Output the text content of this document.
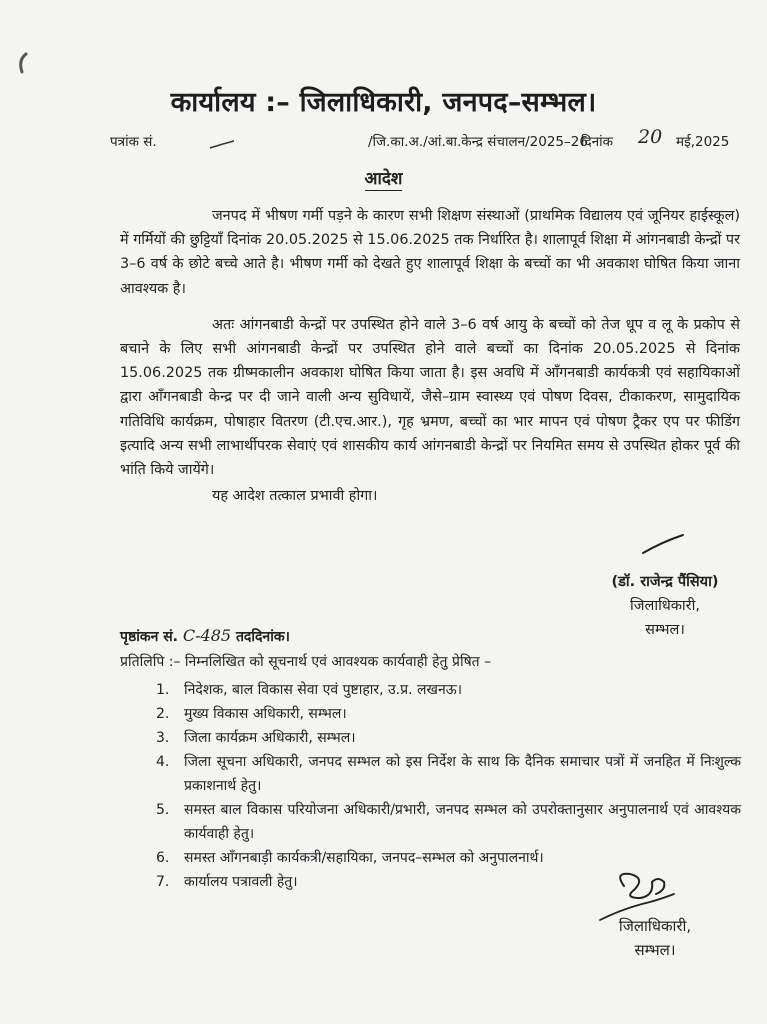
कार्यालय :– जिलाधिकारी, जनपद–सम्भल।
पत्रांक सं.	/जि.का.अ./आं.बा.केन्द्र संचालन/2025–26
दिनांक 20 मई,2025
आदेश

जनपद में भीषण गर्मी पड़ने के कारण सभी शिक्षण संस्थाओं (प्राथमिक विद्यालय एवं जूनियर हाईस्कूल) में गर्मियों की छुट्टियाँ दिनांक 20.05.2025 से 15.06.2025 तक निर्धारित है। शालापूर्व शिक्षा में आंगनबाडी केन्द्रों पर 3–6 वर्ष के छोटे बच्चे आते है। भीषण गर्मी को देखते हुए शालापूर्व शिक्षा के बच्चों का भी अवकाश घोषित किया जाना आवश्यक है।

अतः आंगनबाडी केन्द्रों पर उपस्थित होने वाले 3–6 वर्ष आयु के बच्चों को तेज धूप व लू के प्रकोप से बचाने के लिए सभी आंगनबाडी केन्द्रों पर उपस्थित होने वाले बच्चों का दिनांक 20.05.2025 से दिनांक 15.06.2025 तक ग्रीष्मकालीन अवकाश घोषित किया जाता है। इस अवधि में आँगनबाडी कार्यकत्री एवं सहायिकाओं द्वारा आँगनबाडी केन्द्र पर दी जाने वाली अन्य सुविधायें, जैसे–ग्राम स्वास्थ्य एवं पोषण दिवस, टीकाकरण, सामुदायिक गतिविधि कार्यक्रम, पोषाहार वितरण (टी.एच.आर.), गृह भ्रमण, बच्चों का भार मापन एवं पोषण ट्रैकर एप पर फीडिंग इत्यादि अन्य सभी लाभार्थीपरक सेवाएं एवं शासकीय कार्य आंगनबाडी केन्द्रों पर नियमित समय से उपस्थित होकर पूर्व की भांति किये जायेंगे।

यह आदेश तत्काल प्रभावी होगा।

(डॉ. राजेन्द्र पैंसिया)
जिलाधिकारी,
सम्भल।
पृष्ठांकन सं. C-485 तददिनांक।
प्रतिलिपि :– निम्नलिखित को सूचनार्थ एवं आवश्यक कार्यवाही हेतु प्रेषित –
1.	निदेशक, बाल विकास सेवा एवं पुष्टाहार, उ.प्र. लखनऊ।
2.	मुख्य विकास अधिकारी, सम्भल।
3.	जिला कार्यक्रम अधिकारी, सम्भल।
4.	जिला सूचना अधिकारी, जनपद सम्भल को इस निर्देश के साथ कि दैनिक समाचार पत्रों में जनहित में निःशुल्क प्रकाशनार्थ हेतु।
5.	समस्त बाल विकास परियोजना अधिकारी/प्रभारी, जनपद सम्भल को उपरोक्तानुसार अनुपालनार्थ एवं आवश्यक कार्यवाही हेतु।
6.	समस्त आँगनबाड़ी कार्यकत्री/सहायिका, जनपद–सम्भल को अनुपालनार्थ।
7.	कार्यालय पत्रावली हेतु।
जिलाधिकारी,
सम्भल।
